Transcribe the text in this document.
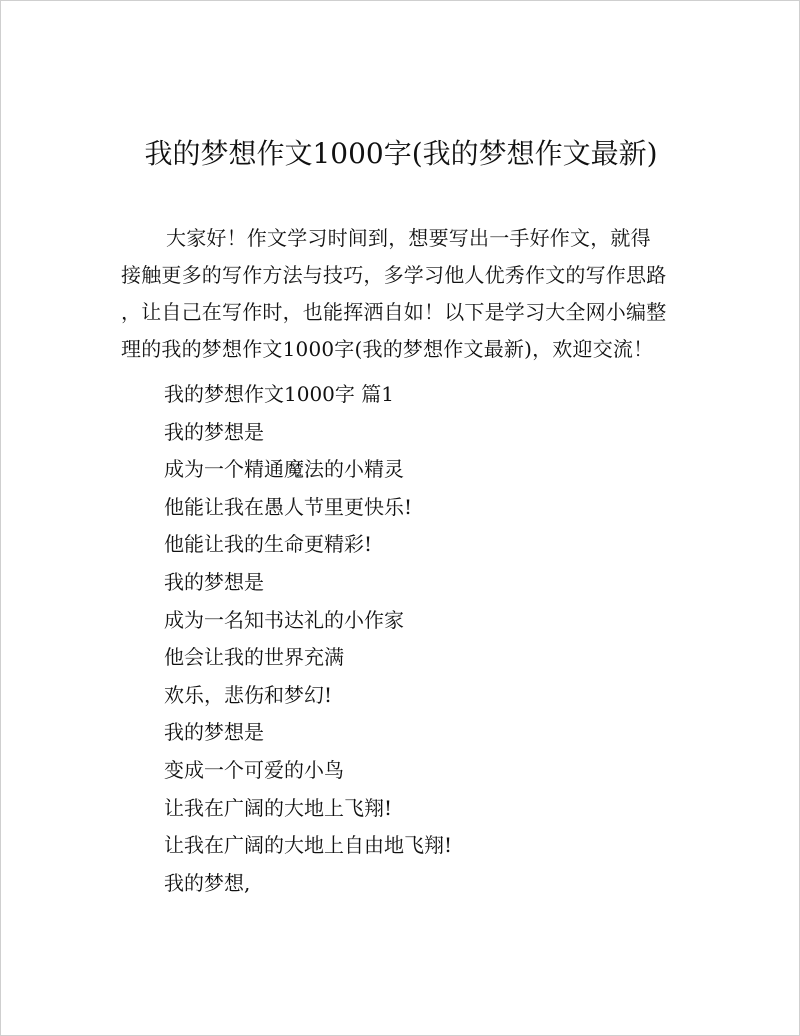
我的梦想作文1000字(我的梦想作文最新)
大家好！作文学习时间到，想要写出一手好作文，就得
接触更多的写作方法与技巧，多学习他人优秀作文的写作思路
，让自己在写作时，也能挥洒自如！以下是学习大全网小编整
理的我的梦想作文1000字(我的梦想作文最新)，欢迎交流！
我的梦想作文1000字 篇1
我的梦想是
成为一个精通魔法的小精灵
他能让我在愚人节里更快乐!
他能让我的生命更精彩!
我的梦想是
成为一名知书达礼的小作家
他会让我的世界充满
欢乐，悲伤和梦幻!
我的梦想是
变成一个可爱的小鸟
让我在广阔的大地上飞翔!
让我在广阔的大地上自由地飞翔!
我的梦想,
